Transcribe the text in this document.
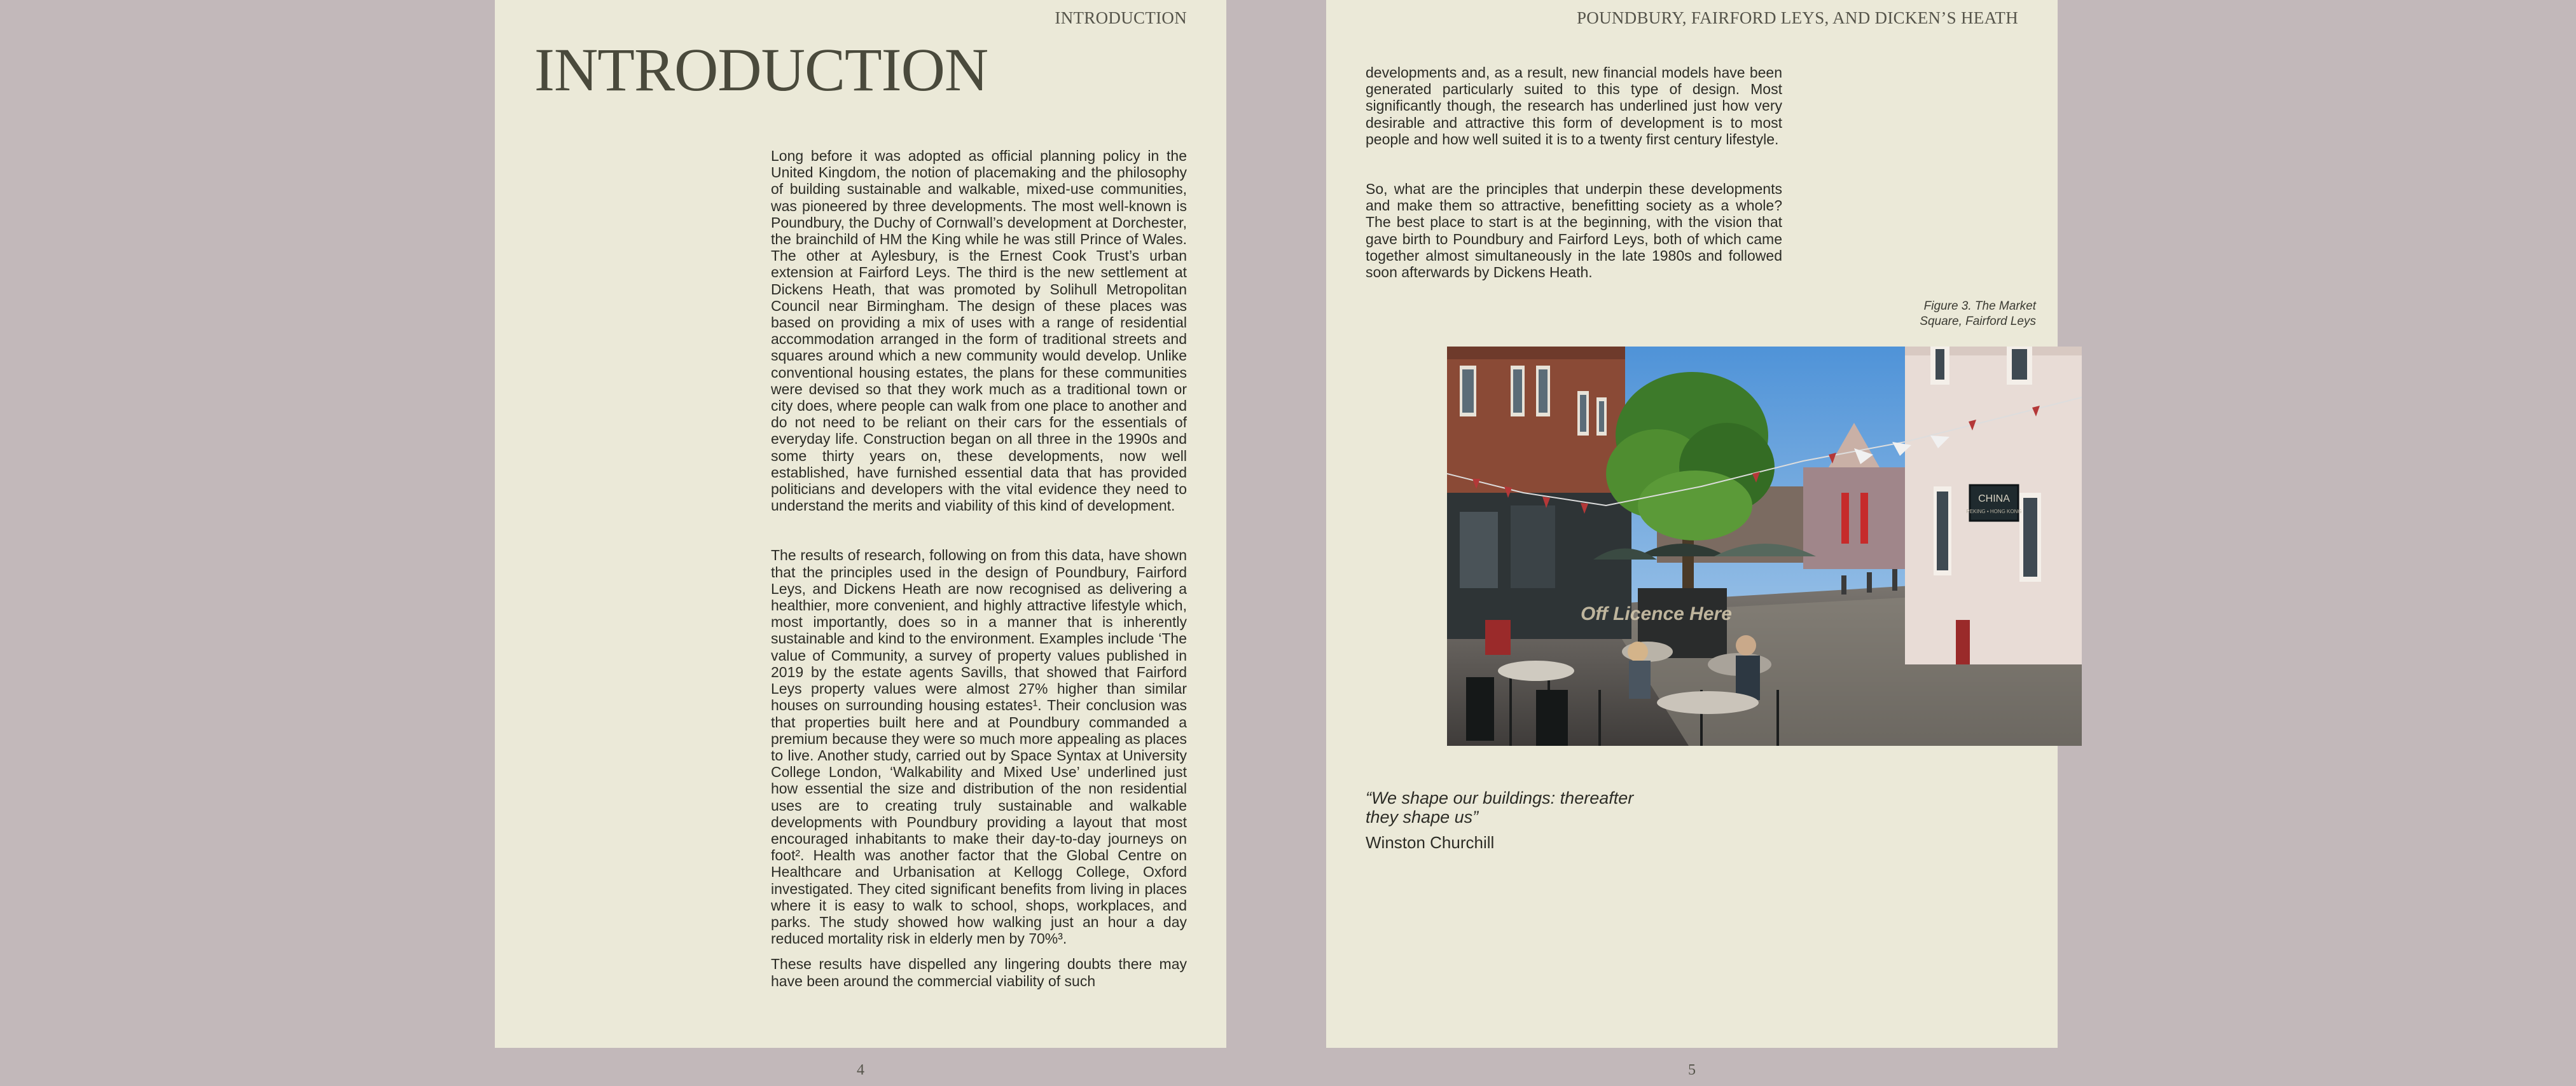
INTRODUCTION
INTRODUCTION

Long before it was adopted as official planning policy in the United Kingdom, the notion of placemaking and the philosophy of building sustainable and walkable, mixed-use communities, was pioneered by three developments. The most well-known is Poundbury, the Duchy of Cornwall’s development at Dorchester, the brainchild of HM the King while he was still Prince of Wales. The other at Aylesbury, is the Ernest Cook Trust’s urban extension at Fairford Leys. The third is the new settlement at Dickens Heath, that was promoted by Solihull Metropolitan Council near Birmingham. The design of these places was based on providing a mix of uses with a range of residential accommodation arranged in the form of traditional streets and squares around which a new community would develop. Unlike conventional housing estates, the plans for these communities were devised so that they work much as a traditional town or city does, where people can walk from one place to another and do not need to be reliant on their cars for the essentials of everyday life. Construction began on all three in the 1990s and some thirty years on, these developments, now well established, have furnished essential data that has provided politicians and developers with the vital evidence they need to understand the merits and viability of this kind of development.

The results of research, following on from this data, have shown that the principles used in the design of Poundbury, Fairford Leys, and Dickens Heath are now recognised as delivering a healthier, more convenient, and highly attractive lifestyle which, most importantly, does so in a manner that is inherently sustainable and kind to the environment. Examples include ‘The value of Community, a survey of property values published in 2019 by the estate agents Savills, that showed that Fairford Leys property values were almost 27% higher than similar houses on surrounding housing estates¹. Their conclusion was that properties built here and at Poundbury commanded a premium because they were so much more appealing as places to live. Another study, carried out by Space Syntax at University College London, ‘Walkability and Mixed Use’ underlined just how essential the size and distribution of the non residential uses are to creating truly sustainable and walkable developments with Poundbury providing a layout that most encouraged inhabitants to make their day-to-day journeys on foot². Health was another factor that the Global Centre on Healthcare and Urbanisation at Kellogg College, Oxford investigated. They cited significant benefits from living in places where it is easy to walk to school, shops, workplaces, and parks. The study showed how walking just an hour a day reduced mortality risk in elderly men by 70%³.

These results have dispelled any lingering doubts there may have been around the commercial viability of such

POUNDBURY, FAIRFORD LEYS, AND DICKEN’S HEATH

developments and, as a result, new financial models have been generated particularly suited to this type of design. Most significantly though, the research has underlined just how very desirable and attractive this form of development is to most people and how well suited it is to a twenty first century lifestyle.

So, what are the principles that underpin these developments and make them so attractive, benefitting society as a whole? The best place to start is at the beginning, with the vision that gave birth to Poundbury and Fairford Leys, both of which came together almost simultaneously in the late 1980s and followed soon afterwards by Dickens Heath.

Figure 3. The Market Square, Fairford Leys
CHINA
PEKING • HONG KONG
Off Licence Here
“We shape our buildings: thereafter they shape us”
Winston Churchill
4	5
